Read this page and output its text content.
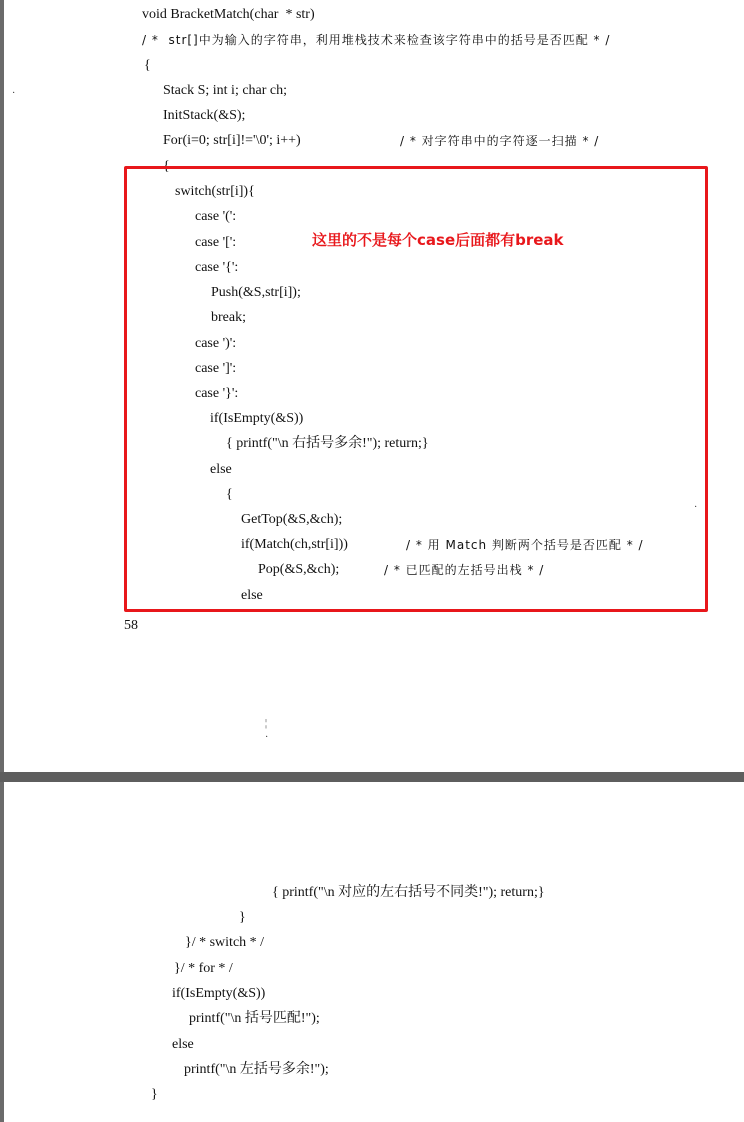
void BracketMatch(char  * str)
/ *  str[]中为输入的字符串，利用堆栈技术来检查该字符串中的括号是否匹配 * /
{
Stack S; int i; char ch;
InitStack(&S);
For(i=0; str[i]!='\0'; i++)	/ * 对字符串中的字符逐一扫描 * /
{
switch(str[i]){
case '(':
case '[':
case '{':
Push(&S,str[i]);
break;
case ')':
case ']':
case '}':
if(IsEmpty(&S))
{ printf("\n 右括号多余!"); return;}
else
{
GetTop(&S,&ch);
if(Match(ch,str[i]))	/ * 用 Match 判断两个括号是否匹配 * /
Pop(&S,&ch);	/ * 已匹配的左括号出栈 * /
else
这里的不是每个case后面都有break
58
·
·
¦
·
{ printf("\n 对应的左右括号不同类!"); return;}
}
}/ * switch * /
}/ * for * /
if(IsEmpty(&S))
printf("\n 括号匹配!");
else
printf("\n 左括号多余!");
}
